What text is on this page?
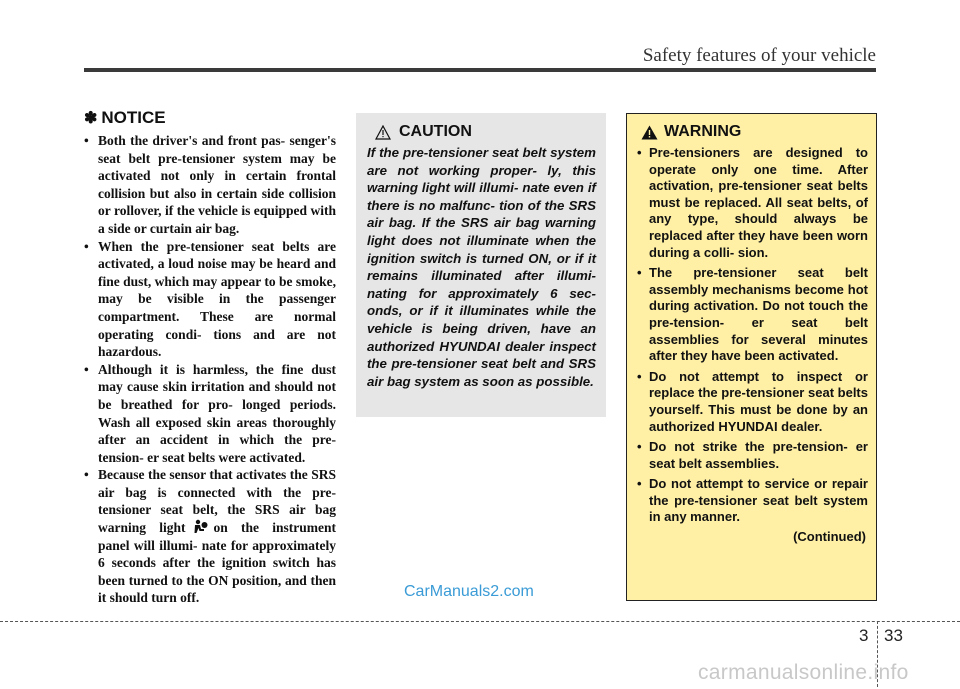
Safety features of your vehicle
✽ NOTICE
• Both the driver's and front pas- senger's seat belt pre-tensioner system may be activated not only in certain frontal collision but also in certain side collision or rollover, if the vehicle is equipped with a side or curtain air bag.
• When the pre-tensioner seat belts are activated, a loud noise may be heard and fine dust, which may appear to be smoke, may be visible in the passenger compartment. These are normal operating condi- tions and are not hazardous.
• Although it is harmless, the fine dust may cause skin irritation and should not be breathed for pro- longed periods. Wash all exposed skin areas thoroughly after an accident in which the pre-tension- er seat belts were activated.
• Because the sensor that activates the SRS air bag is connected with the pre-tensioner seat belt, the SRS air bag warning light on the instrument panel will illumi- nate for approximately 6 seconds after the ignition switch has been turned to the ON position, and then it should turn off.
CAUTION
If the pre-tensioner seat belt system are not working proper- ly, this warning light will illumi- nate even if there is no malfunc- tion of the SRS air bag. If the SRS air bag warning light does not illuminate when the ignition switch is turned ON, or if it remains illuminated after illumi- nating for approximately 6 sec- onds, or if it illuminates while the vehicle is being driven, have an authorized HYUNDAI dealer inspect the pre-tensioner seat belt and SRS air bag system as soon as possible.
WARNING
• Pre-tensioners are designed to operate only one time. After activation, pre-tensioner seat belts must be replaced. All seat belts, of any type, should always be replaced after they have been worn during a colli- sion.
• The pre-tensioner seat belt assembly mechanisms become hot during activation. Do not touch the pre-tension- er seat belt assemblies for several minutes after they have been activated.
• Do not attempt to inspect or replace the pre-tensioner seat belts yourself. This must be done by an authorized HYUNDAI dealer.
• Do not strike the pre-tension- er seat belt assemblies.
• Do not attempt to service or repair the pre-tensioner seat belt system in any manner.
(Continued)
CarManuals2.com
3 33
carmanualsonline.info
